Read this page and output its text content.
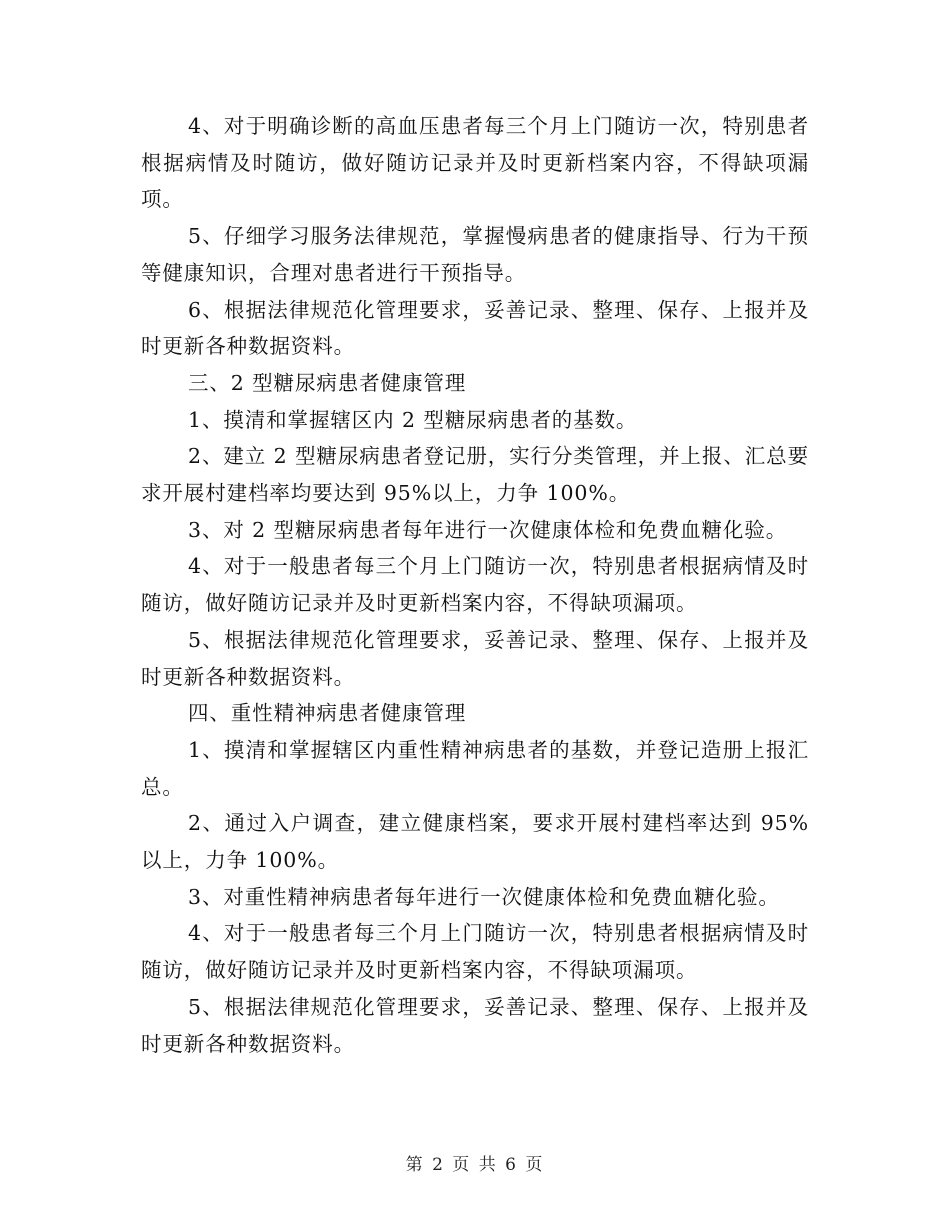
4、对于明确诊断的高血压患者每三个月上门随访一次，特别患者根据病情及时随访，做好随访记录并及时更新档案内容，不得缺项漏项。

5、仔细学习服务法律规范，掌握慢病患者的健康指导、行为干预等健康知识，合理对患者进行干预指导。

6、根据法律规范化管理要求，妥善记录、整理、保存、上报并及时更新各种数据资料。

三、2 型糖尿病患者健康管理

1、摸清和掌握辖区内 2 型糖尿病患者的基数。

2、建立 2 型糖尿病患者登记册，实行分类管理，并上报、汇总要求开展村建档率均要达到 95%以上，力争 100%。

3、对 2 型糖尿病患者每年进行一次健康体检和免费血糖化验。

4、对于一般患者每三个月上门随访一次，特别患者根据病情及时随访，做好随访记录并及时更新档案内容，不得缺项漏项。

5、根据法律规范化管理要求，妥善记录、整理、保存、上报并及时更新各种数据资料。

四、重性精神病患者健康管理

1、摸清和掌握辖区内重性精神病患者的基数，并登记造册上报汇总。

2、通过入户调查，建立健康档案，要求开展村建档率达到 95%以上，力争 100%。

3、对重性精神病患者每年进行一次健康体检和免费血糖化验。

4、对于一般患者每三个月上门随访一次，特别患者根据病情及时随访，做好随访记录并及时更新档案内容，不得缺项漏项。

5、根据法律规范化管理要求，妥善记录、整理、保存、上报并及时更新各种数据资料。

第 2 页 共 6 页
